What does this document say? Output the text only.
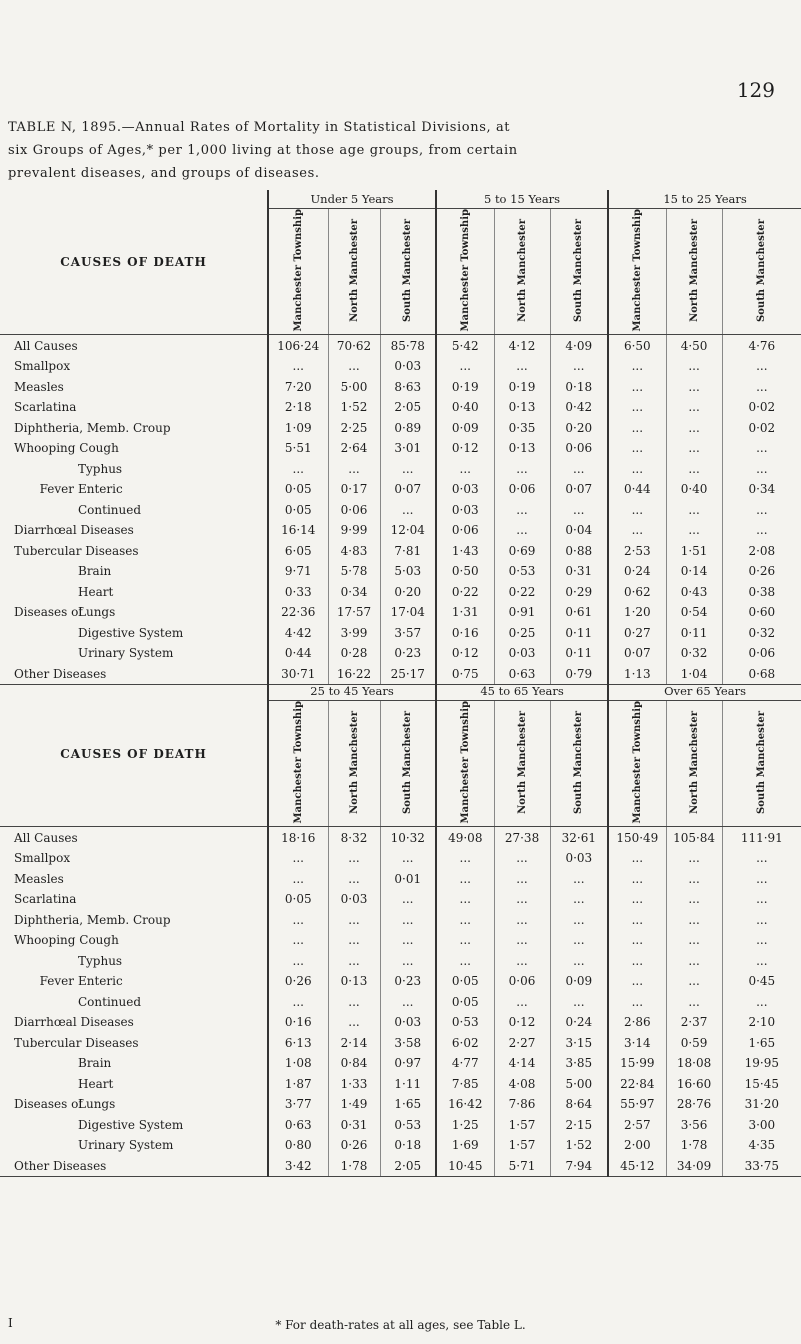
129
TABLE N, 1895.—Annual Rates of Mortality in Statistical Divisions, at
six Groups of Ages,* per 1,000 living at those age groups, from certain
prevalent diseases, and groups of diseases.
CAUSES OF DEATH	Under 5 Years			5 to 15 Years			15 to 25 Years		
	Manchester Township	North Manchester	South Manchester	Manchester Township	North Manchester	South Manchester	Manchester Township	North Manchester	South Manchester
All Causes	106·24	70·62	85·78	5·42	4·12	4·09	6·50	4·50	4·76
Smallpox	...	...	0·03	...	...	...	...	...	...
Measles	7·20	5·00	8·63	0·19	0·19	0·18	...	...	...
Scarlatina	2·18	1·52	2·05	0·40	0·13	0·42	...	...	0·02
Diphtheria, Memb. Croup	1·09	2·25	0·89	0·09	0·35	0·20	...	...	0·02
Whooping Cough	5·51	2·64	3·01	0·12	0·13	0·06	...	...	...
Typhus	...	...	...	...	...	...	...	...	...
Fever Enteric	0·05	0·17	0·07	0·03	0·06	0·07	0·44	0·40	0·34
Continued	0·05	0·06	...	0·03	...	...	...	...	...
Diarrhœal Diseases	16·14	9·99	12·04	0·06	...	0·04	...	...	...
Tubercular Diseases	6·05	4·83	7·81	1·43	0·69	0·88	2·53	1·51	2·08
Brain	9·71	5·78	5·03	0·50	0·53	0·31	0·24	0·14	0·26
Heart	0·33	0·34	0·20	0·22	0·22	0·29	0·62	0·43	0·38
Diseases ofLungs	22·36	17·57	17·04	1·31	0·91	0·61	1·20	0·54	0·60
Digestive System	4·42	3·99	3·57	0·16	0·25	0·11	0·27	0·11	0·32
Urinary System	0·44	0·28	0·23	0·12	0·03	0·11	0·07	0·32	0·06
Other Diseases	30·71	16·22	25·17	0·75	0·63	0·79	1·13	1·04	0·68
CAUSES OF DEATH	25 to 45 Years			45 to 65 Years			Over 65 Years		
	Manchester Township	North Manchester	South Manchester	Manchester Township	North Manchester	South Manchester	Manchester Township	North Manchester	South Manchester
All Causes	18·16	8·32	10·32	49·08	27·38	32·61	150·49	105·84	111·91
Smallpox	...	...	...	...	...	0·03	...	...	...
Measles	...	...	0·01	...	...	...	...	...	...
Scarlatina	0·05	0·03	...	...	...	...	...	...	...
Diphtheria, Memb. Croup	...	...	...	...	...	...	...	...	...
Whooping Cough	...	...	...	...	...	...	...	...	...
Typhus	...	...	...	...	...	...	...	...	...
Fever Enteric	0·26	0·13	0·23	0·05	0·06	0·09	...	...	0·45
Continued	...	...	...	0·05	...	...	...	...	...
Diarrhœal Diseases	0·16	...	0·03	0·53	0·12	0·24	2·86	2·37	2·10
Tubercular Diseases	6·13	2·14	3·58	6·02	2·27	3·15	3·14	0·59	1·65
Brain	1·08	0·84	0·97	4·77	4·14	3·85	15·99	18·08	19·95
Heart	1·87	1·33	1·11	7·85	4·08	5·00	22·84	16·60	15·45
Diseases ofLungs	3·77	1·49	1·65	16·42	7·86	8·64	55·97	28·76	31·20
Digestive System	0·63	0·31	0·53	1·25	1·57	2·15	2·57	3·56	3·00
Urinary System	0·80	0·26	0·18	1·69	1·57	1·52	2·00	1·78	4·35
Other Diseases	3·42	1·78	2·05	10·45	5·71	7·94	45·12	34·09	33·75
I	* For death-rates at all ages, see Table L.
